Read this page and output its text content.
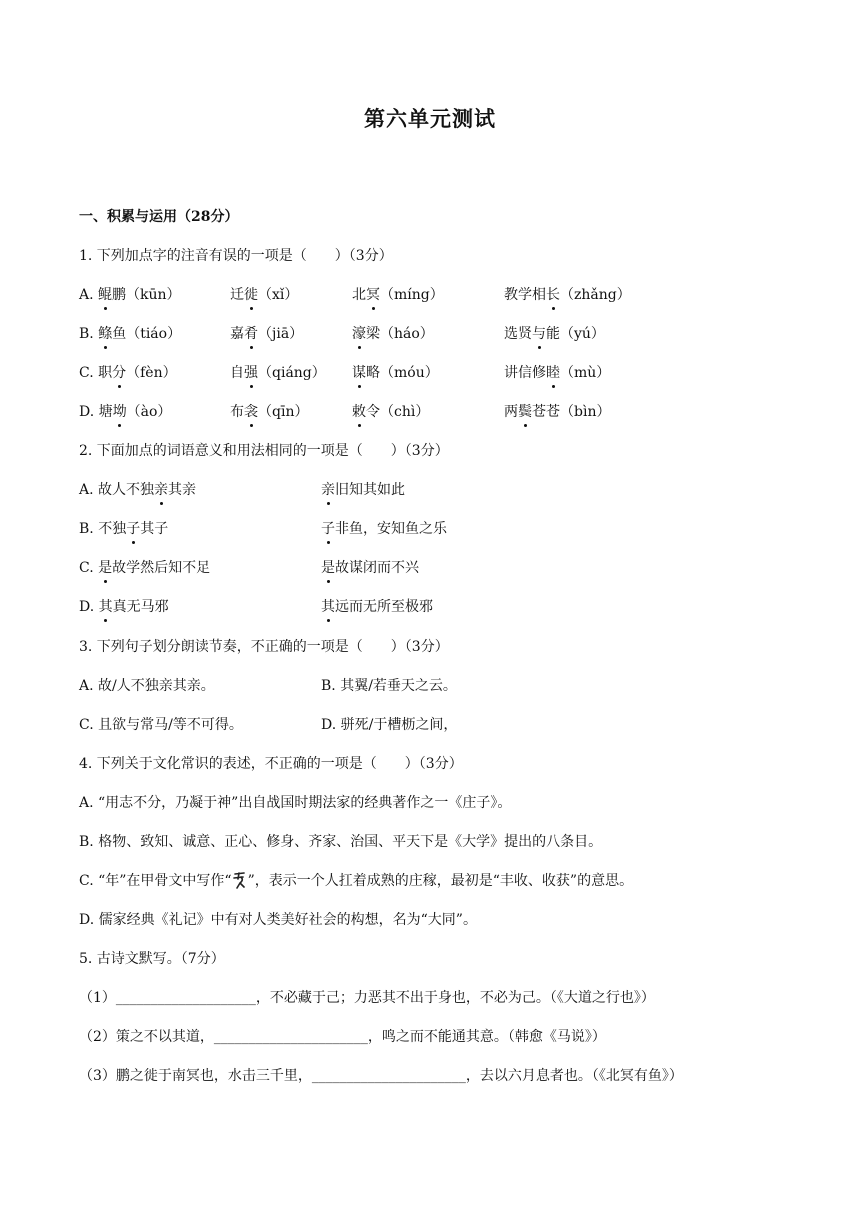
第六单元测试
一、积累与运用（28分）
1. 下列加点字的注音有误的一项是（　　）（3分）
A. 鲲鹏（kūn）	迁徙（xǐ）	北冥（míng）	教学相长（zhǎng）
B. 鲦鱼（tiáo）	嘉肴（jiā）	濠梁（háo）	选贤与能（yú）
C. 职分（fèn）	自强（qiáng） 谋略（móu）	讲信修睦（mù）
D. 塘坳（ào）	布衾（qīn）	敕令（chì）	两鬓苍苍（bìn）
2. 下面加点的词语意义和用法相同的一项是（　　）（3分）
A. 故人不独亲其亲	亲旧知其如此
B. 不独子其子	子非鱼，安知鱼之乐
C. 是故学然后知不足	是故谋闭而不兴
D. 其真无马邪	其远而无所至极邪
3. 下列句子划分朗读节奏，不正确的一项是（　　）（3分）
A. 故/人不独亲其亲。	B. 其翼/若垂天之云。
C. 且欲与常马/等不可得。	D. 骈死/于槽枥之间，
4. 下列关于文化常识的表述，不正确的一项是（　　）（3分）
A. “用志不分，乃凝于神”出自战国时期法家的经典著作之一《庄子》。
B. 格物、致知、诚意、正心、修身、齐家、治国、平天下是《大学》提出的八条目。
C. “年”在甲骨文中写作“ ”，表示一个人扛着成熟的庄稼，最初是“丰收、收获”的意思。
D. 儒家经典《礼记》中有对人类美好社会的构想，名为“大同”。
5. 古诗文默写。（7分）
（1）____________________，不必藏于己；力恶其不出于身也，不必为己。（《大道之行也》）
（2）策之不以其道，______________________，鸣之而不能通其意。（韩愈《马说》）
（3）鹏之徙于南冥也，水击三千里，______________________，去以六月息者也。（《北冥有鱼》）
